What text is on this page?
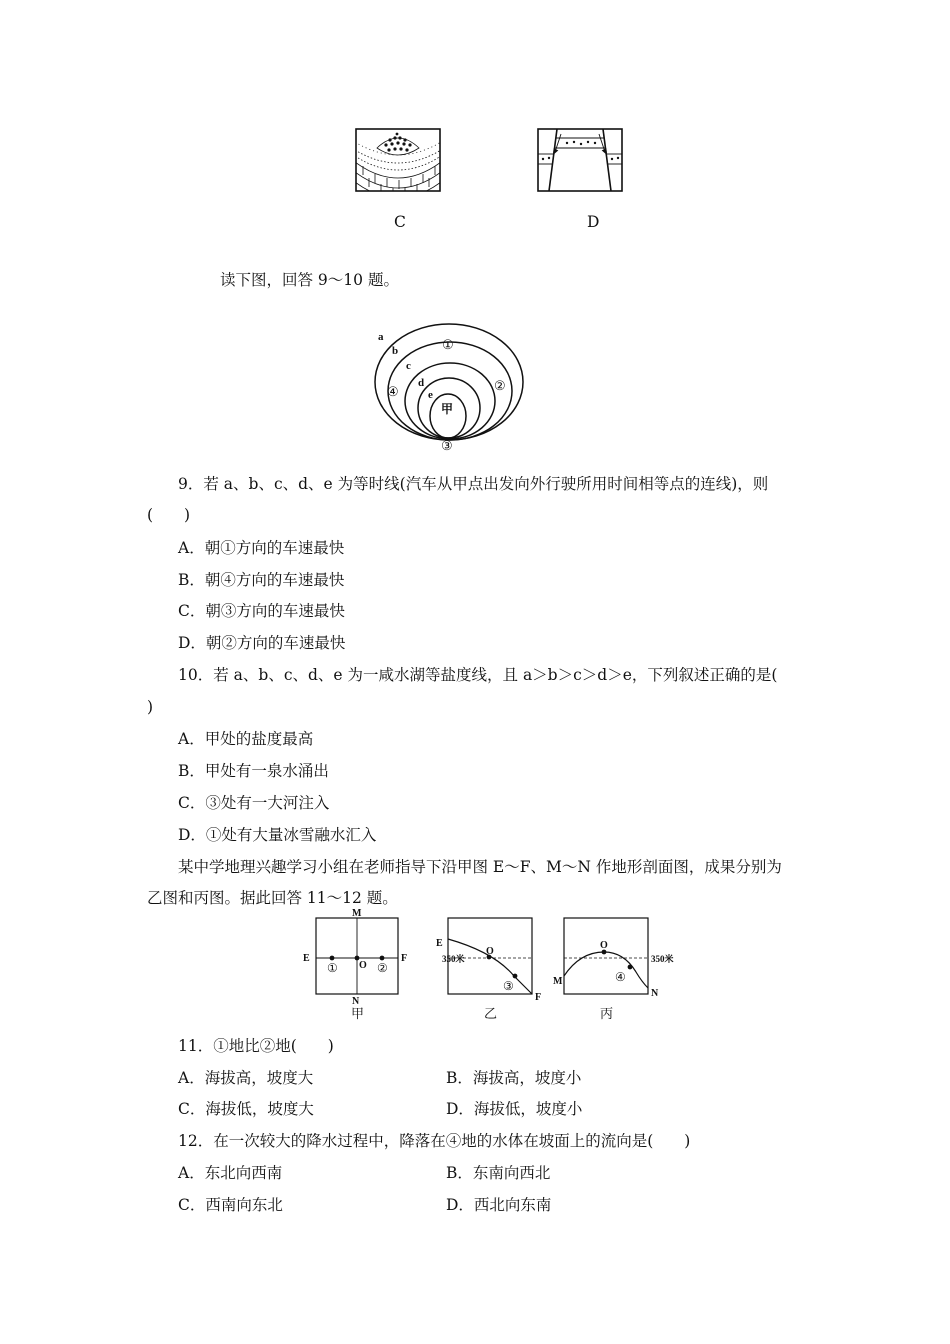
C	D
读下图，回答 9～10 题。
a
b
c
d
e
①
②
③
④
甲
9．若 a、b、c、d、e 为等时线(汽车从甲点出发向外行驶所用时间相等点的连线)，则
(　　)
A．朝①方向的车速最快
B．朝④方向的车速最快
C．朝③方向的车速最快
D．朝②方向的车速最快
10．若 a、b、c、d、e 为一咸水湖等盐度线，且 a＞b＞c＞d＞e，下列叙述正确的是(
)
A．甲处的盐度最高
B．甲处有一泉水涌出
C．③处有一大河注入
D．①处有大量冰雪融水汇入
某中学地理兴趣学习小组在老师指导下沿甲图 E～F、M～N 作地形剖面图，成果分别为
乙图和丙图。据此回答 11～12 题。
M
N
E	F
O
①	②
甲
E
F
O
350米
③
乙
M
N
O
350米
④
丙
11．①地比②地(　　)
A．海拔高，坡度大	B．海拔高，坡度小
C．海拔低，坡度大	D．海拔低，坡度小
12．在一次较大的降水过程中，降落在④地的水体在坡面上的流向是(　　)
A．东北向西南	B．东南向西北
C．西南向东北	D．西北向东南
